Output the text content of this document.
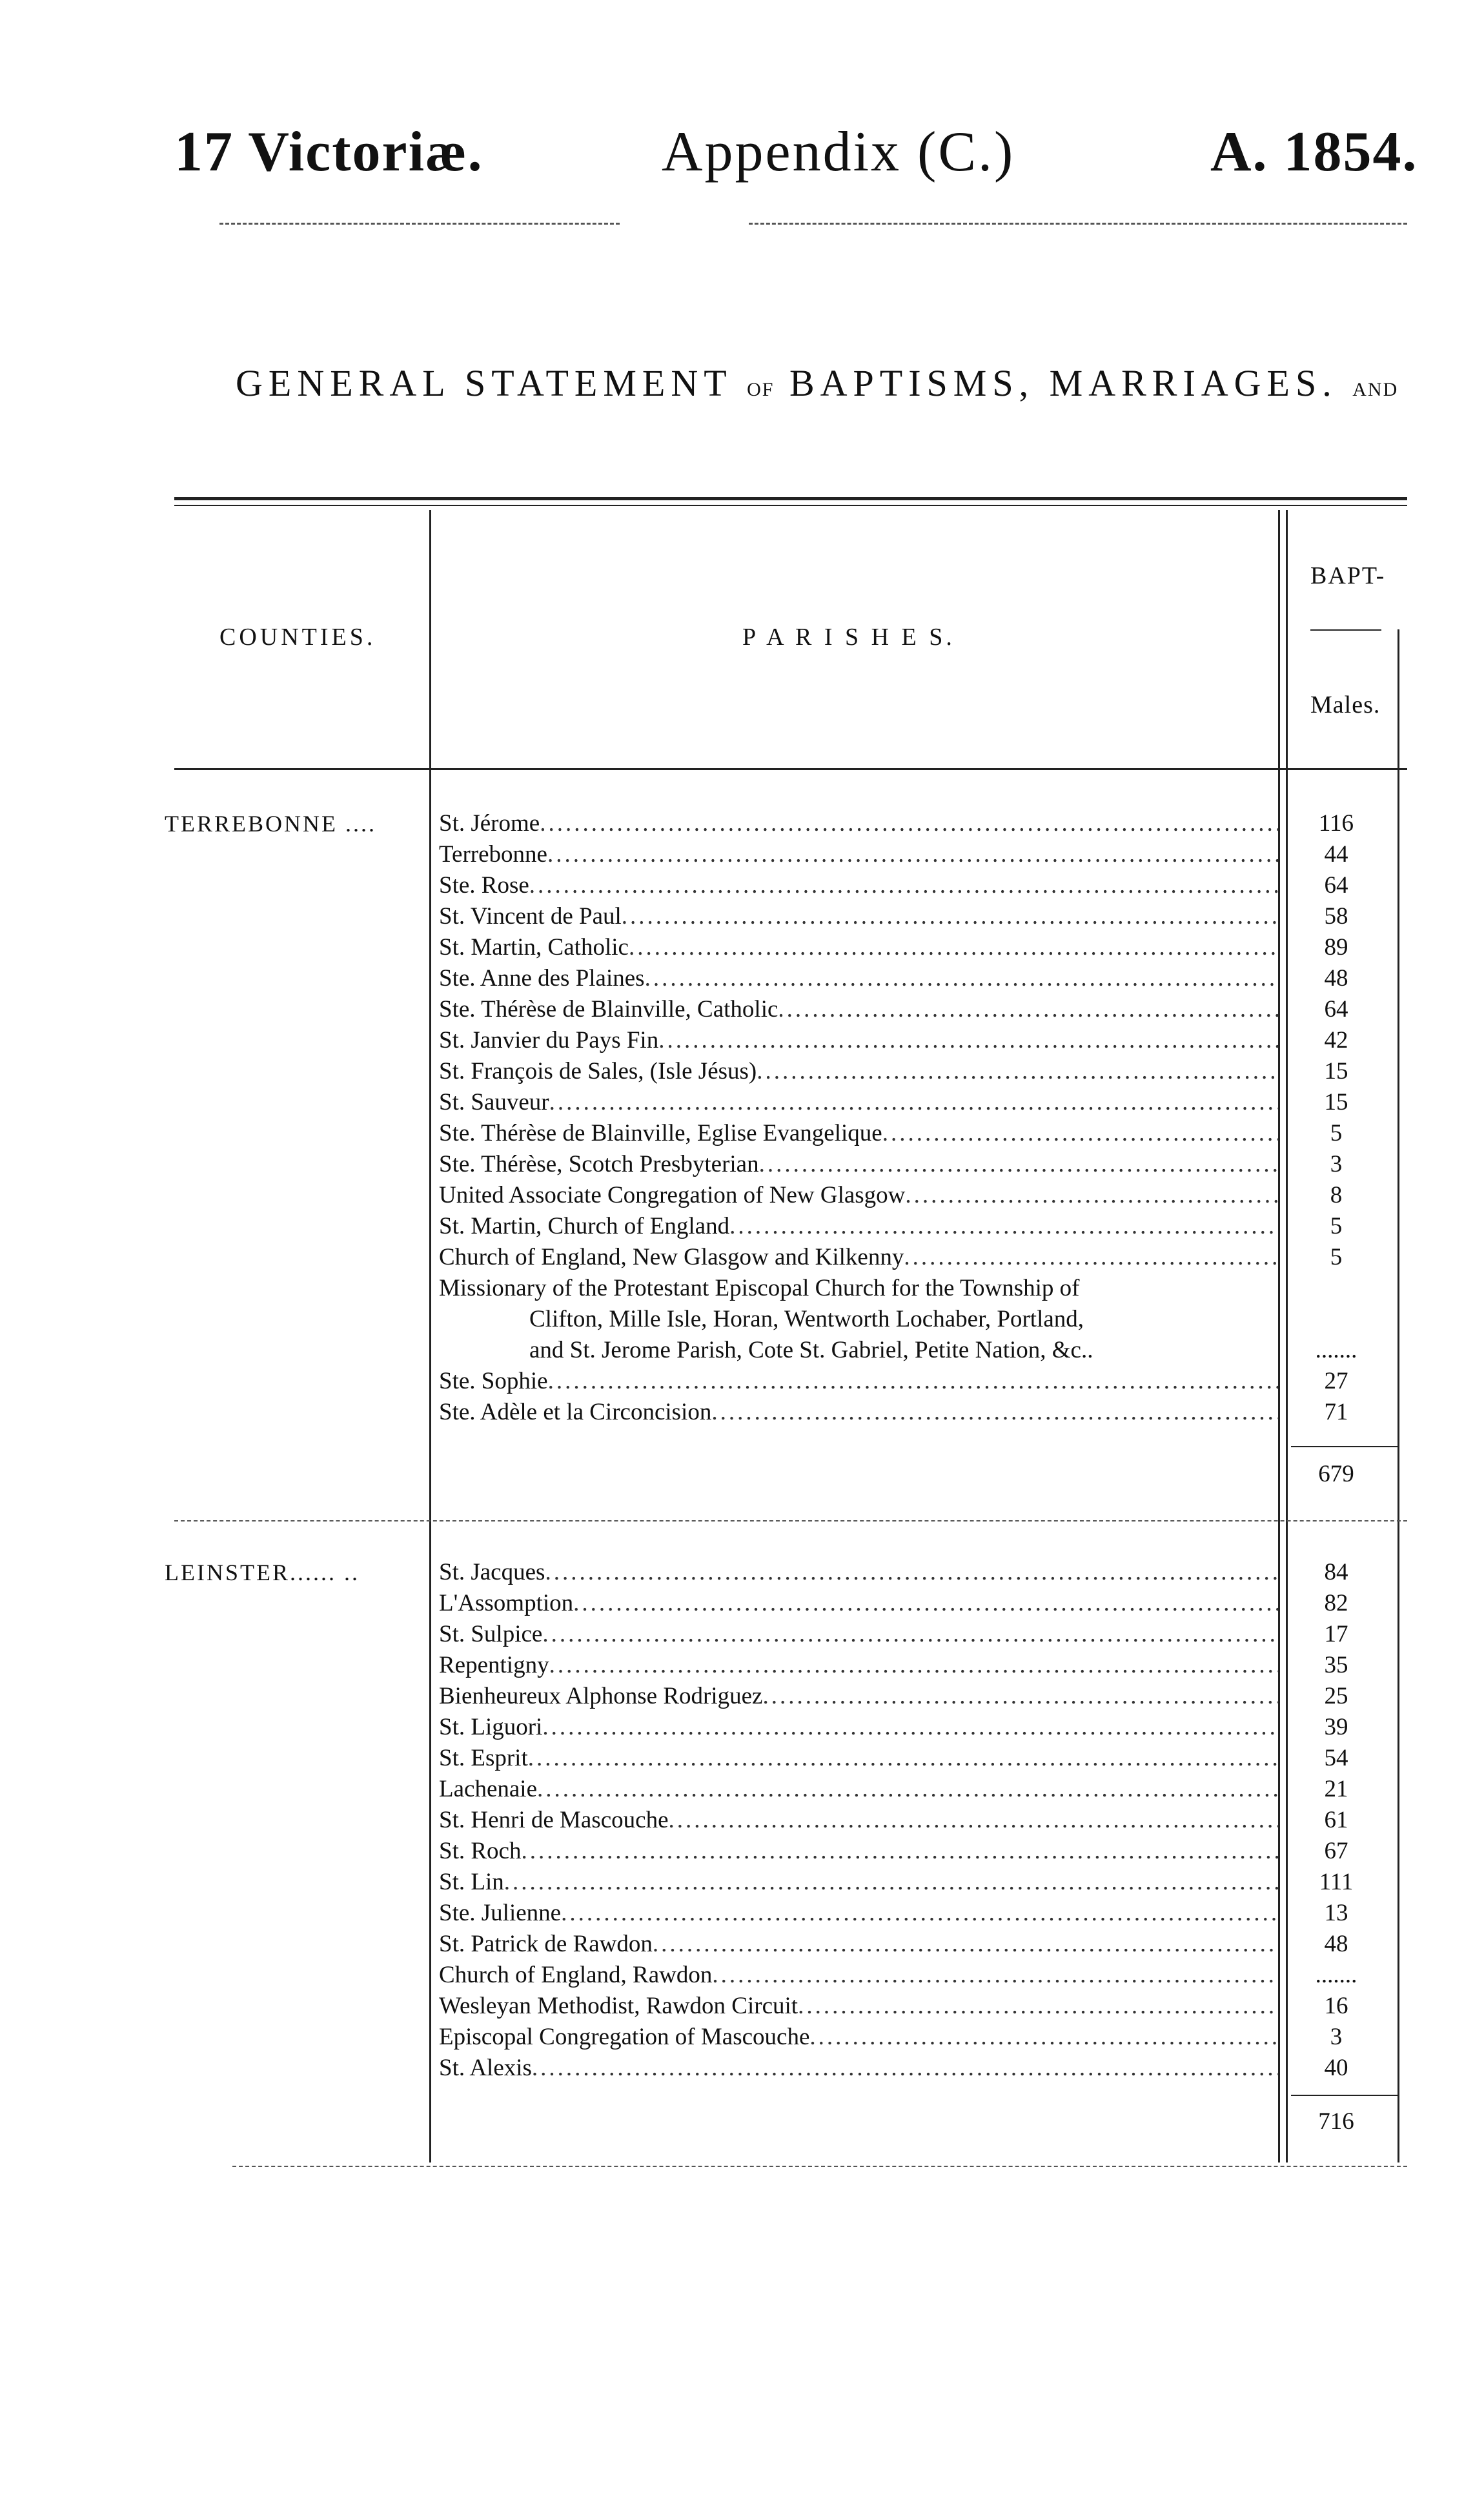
17 Victoriæ.	Appendix (C.)	A. 1854.
GENERAL STATEMENT OF BAPTISMS, MARRIAGES. AND
COUNTIES.	P A R I S H E S.
BAPT-
Males.
TERREBONNE ....	St. Jérome .....	116
Terrebonne .....	44
Ste. Rose .....	64
St. Vincent de Paul .....	58
St. Martin, Catholic .....	89
Ste. Anne des Plaines .....	48
Ste. Thérèse de Blainville, Catholic .....	64
St. Janvier du Pays Fin .....	42
St. François de Sales, (Isle Jésus) .....	15
St. Sauveur .....	15
Ste. Thérèse de Blainville, Eglise Evangelique .....	5
Ste. Thérèse, Scotch Presbyterian .....	3
United Associate Congregation of New Glasgow .....	8
St. Martin, Church of England .....	5
Church of England, New Glasgow and Kilkenny .....	5
Missionary of the Protestant Episcopal Church for the Township of
Clifton, Mille Isle, Horan, Wentworth Lochaber, Portland,
and St. Jerome Parish, Cote St. Gabriel, Petite Nation, &c..	.......
Ste. Sophie .....	27
Ste. Adèle et la Circoncision .....	71
679
LEINSTER...... ..	St. Jacques .....	84
L'Assomption .....	82
St. Sulpice .....	17
Repentigny .....	35
Bienheureux Alphonse Rodriguez .....	25
St. Liguori .....	39
St. Esprit .....	54
Lachenaie .....	21
St. Henri de Mascouche .....	61
St. Roch .....	67
St. Lin .....	111
Ste. Julienne .....	13
St. Patrick de Rawdon .....	48
Church of England, Rawdon .....	.......
Wesleyan Methodist, Rawdon Circuit .....	16
Episcopal Congregation of Mascouche .....	3
St. Alexis .....	40
716
